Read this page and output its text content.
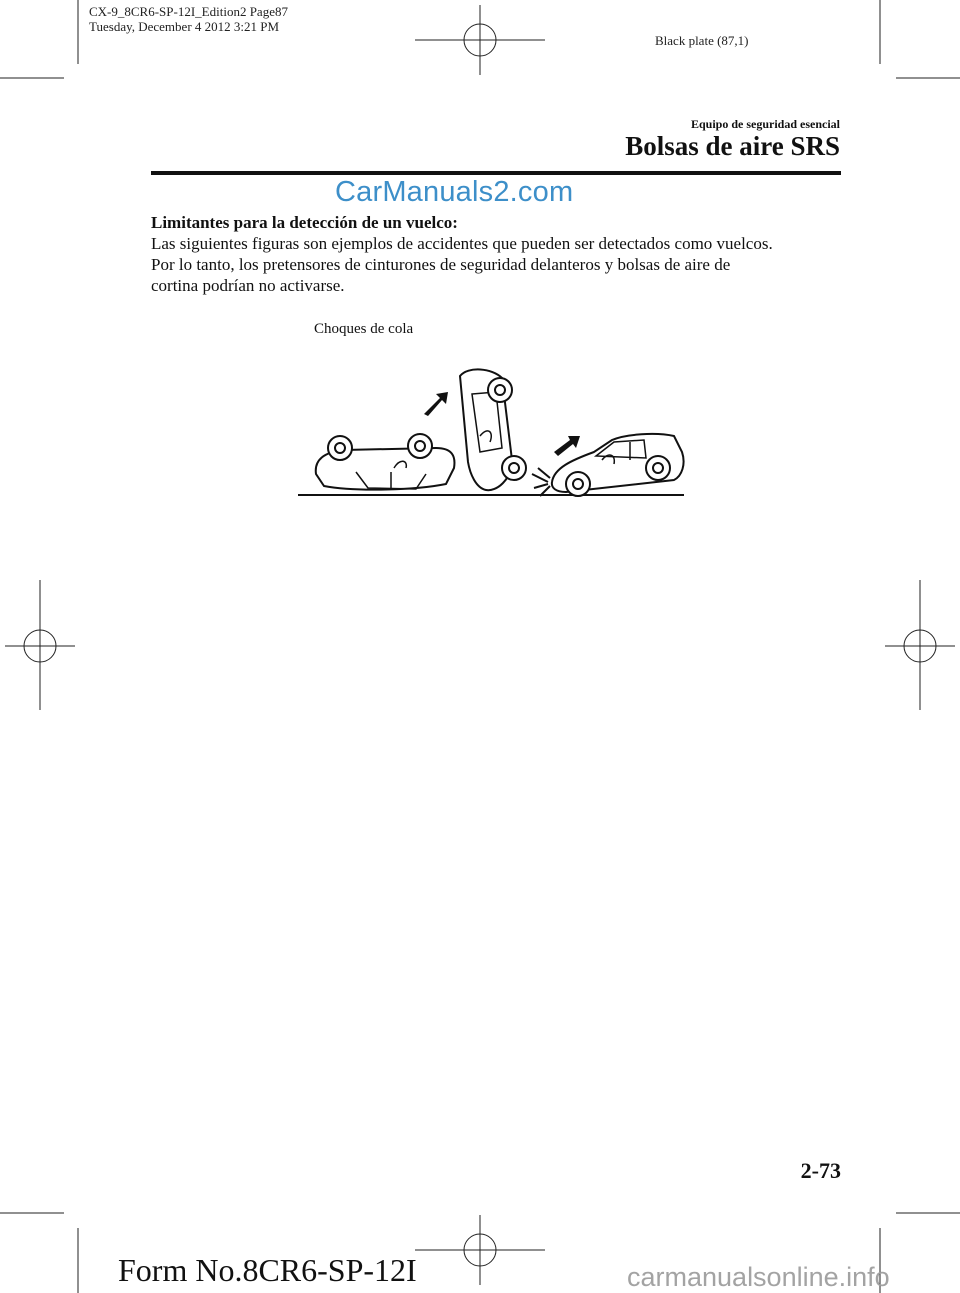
CX-9_8CR6-SP-12I_Edition2 Page87
Tuesday, December 4 2012 3:21 PM
Black plate (87,1)
Equipo de seguridad esencial
Bolsas de aire SRS
CarManuals2.com

Limitantes para la detección de un vuelco:

Las siguientes figuras son ejemplos de accidentes que pueden ser detectados como vuelcos.

Por lo tanto, los pretensores de cinturones de seguridad delanteros y bolsas de aire de

cortina podrían no activarse.

Choques de cola
2-73
Form No.8CR6-SP-12I	carmanualsonline.info
